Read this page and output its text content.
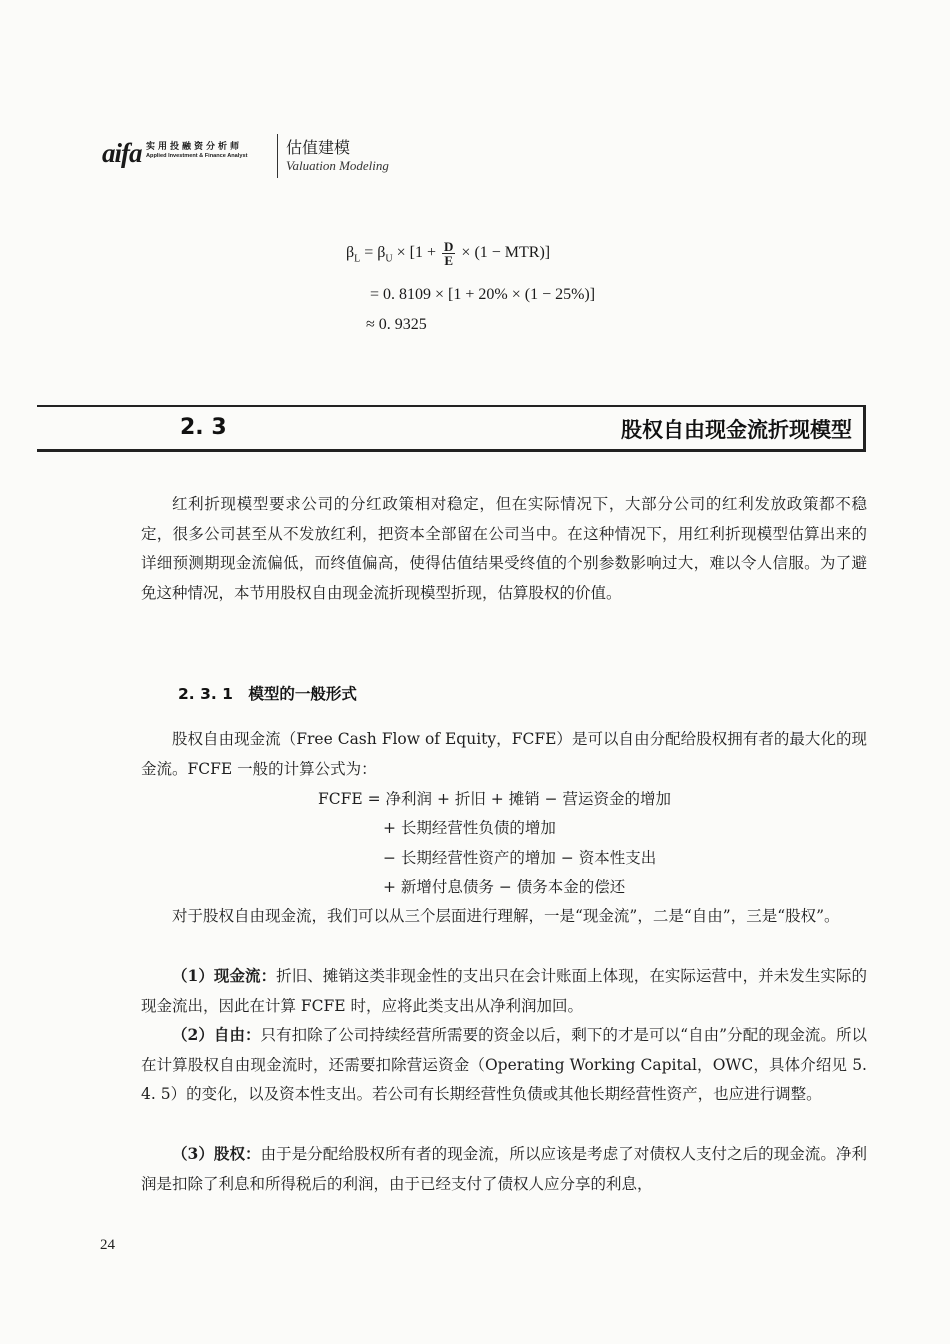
aifa 实用投融资分析师
Applied Investment & Finance Analyst 估值建模
Valuation Modeling
$\beta_L = \beta_U \times [1 + \frac{D}{E} \times (1 - MTR)]$
= 0. 8109 × [1 + 20% × (1 − 25%)]
≈ 0. 9325
2. 3	股权自由现金流折现模型
红利折现模型要求公司的分红政策相对稳定，但在实际情况下，大部分公司的红利发放政策都不稳定，很多公司甚至从不发放红利，把资本全部留在公司当中。在这种情况下，用红利折现模型估算出来的详细预测期现金流偏低，而终值偏高，使得估值结果受终值的个别参数影响过大，难以令人信服。为了避免这种情况，本节用股权自由现金流折现模型折现，估算股权的价值。
2. 3. 1　模型的一般形式
股权自由现金流（Free Cash Flow of Equity，FCFE）是可以自由分配给股权拥有者的最大化的现金流。FCFE 一般的计算公式为：
FCFE = 净利润 + 折旧 + 摊销 − 营运资金的增加
+ 长期经营性负债的增加
− 长期经营性资产的增加 − 资本性支出
+ 新增付息债务 − 债务本金的偿还
对于股权自由现金流，我们可以从三个层面进行理解，一是“现金流”，二是“自由”，三是“股权”。
（1）现金流：折旧、摊销这类非现金性的支出只在会计账面上体现，在实际运营中，并未发生实际的现金流出，因此在计算 FCFE 时，应将此类支出从净利润加回。
（2）自由：只有扣除了公司持续经营所需要的资金以后，剩下的才是可以“自由”分配的现金流。所以在计算股权自由现金流时，还需要扣除营运资金（Operating Working Capital，OWC，具体介绍见 5. 4. 5）的变化，以及资本性支出。若公司有长期经营性负债或其他长期经营性资产，也应进行调整。
（3）股权：由于是分配给股权所有者的现金流，所以应该是考虑了对债权人支付之后的现金流。净利润是扣除了利息和所得税后的利润，由于已经支付了债权人应分享的利息，
24
